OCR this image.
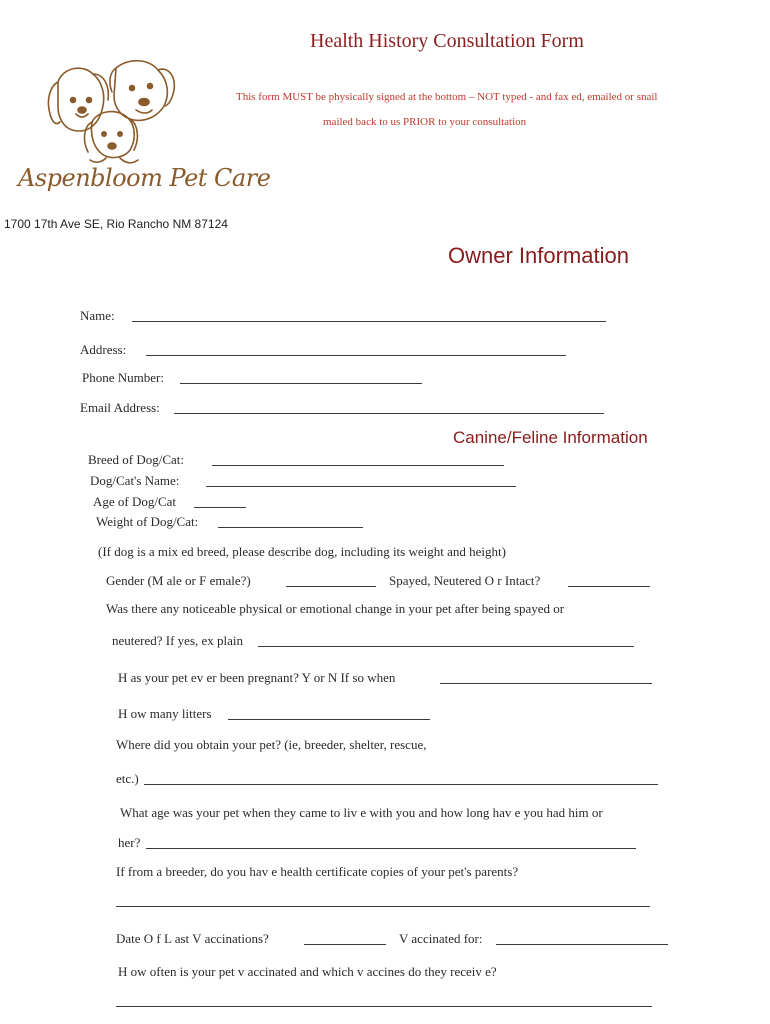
Health History Consultation Form
This form MUST be physically signed at the bottom – NOT typed - and fax ed, emailed or snail
mailed back to us PRIOR to your consultation
Aspenbloom Pet Care
1700 17th Ave SE, Rio Rancho NM 87124
Owner Information
Name:
Address:
Phone Number:
Email Address:
Canine/Feline Information
Breed of Dog/Cat:
Dog/Cat's Name:
Age of Dog/Cat
Weight of Dog/Cat:
(If dog is a mix ed breed, please describe dog, including its weight and height)
Gender (M ale or F emale?)	Spayed, Neutered O r Intact?
Was there any noticeable physical or emotional change in your pet after being spayed or
neutered? If yes, ex plain
H as your pet ev er been pregnant? Y or N If so when
H ow many litters
Where did you obtain your pet? (ie, breeder, shelter, rescue,
etc.)
What age was your pet when they came to liv e with you and how long hav e you had him or
her?
If from a breeder, do you hav e health certificate copies of your pet's parents?
Date O f L ast V accinations?	V accinated for:
H ow often is your pet v accinated and which v accines do they receiv e?
